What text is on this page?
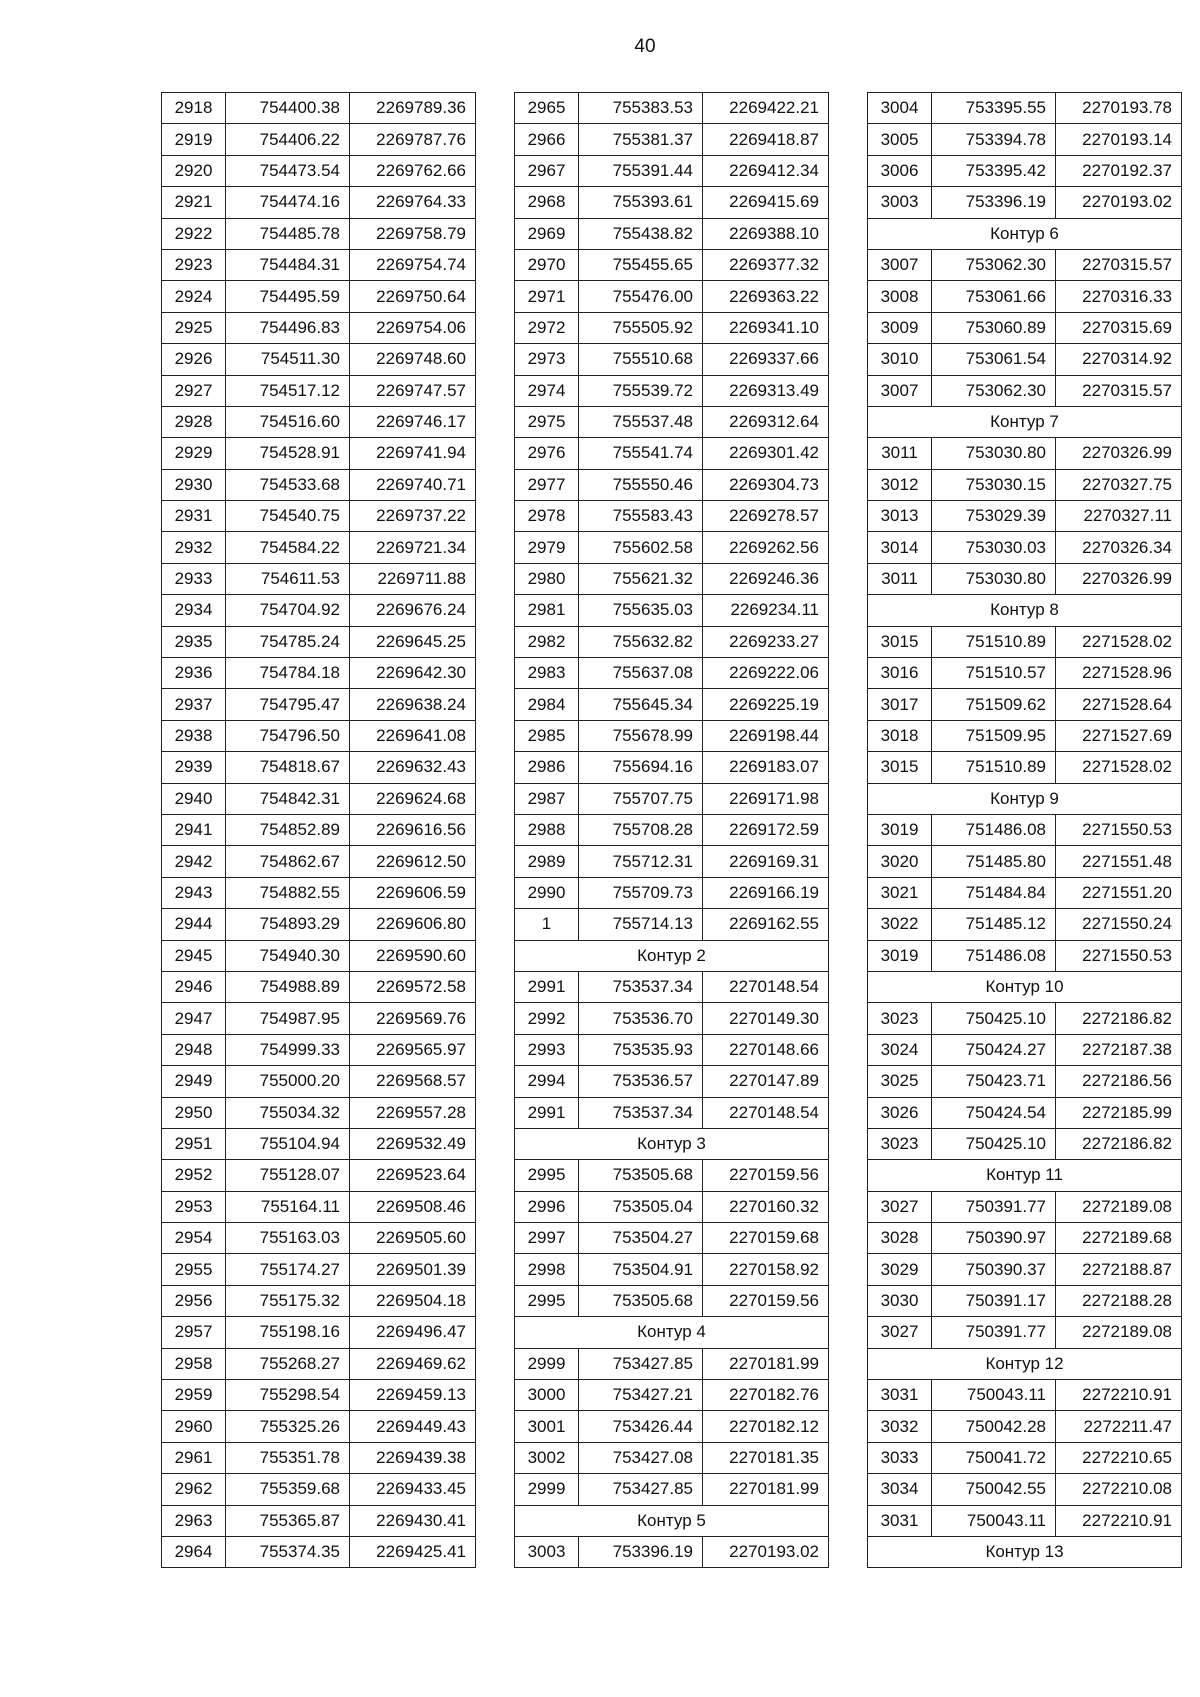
40
2918	754400.38	2269789.36
2919	754406.22	2269787.76
2920	754473.54	2269762.66
2921	754474.16	2269764.33
2922	754485.78	2269758.79
2923	754484.31	2269754.74
2924	754495.59	2269750.64
2925	754496.83	2269754.06
2926	754511.30	2269748.60
2927	754517.12	2269747.57
2928	754516.60	2269746.17
2929	754528.91	2269741.94
2930	754533.68	2269740.71
2931	754540.75	2269737.22
2932	754584.22	2269721.34
2933	754611.53	2269711.88
2934	754704.92	2269676.24
2935	754785.24	2269645.25
2936	754784.18	2269642.30
2937	754795.47	2269638.24
2938	754796.50	2269641.08
2939	754818.67	2269632.43
2940	754842.31	2269624.68
2941	754852.89	2269616.56
2942	754862.67	2269612.50
2943	754882.55	2269606.59
2944	754893.29	2269606.80
2945	754940.30	2269590.60
2946	754988.89	2269572.58
2947	754987.95	2269569.76
2948	754999.33	2269565.97
2949	755000.20	2269568.57
2950	755034.32	2269557.28
2951	755104.94	2269532.49
2952	755128.07	2269523.64
2953	755164.11	2269508.46
2954	755163.03	2269505.60
2955	755174.27	2269501.39
2956	755175.32	2269504.18
2957	755198.16	2269496.47
2958	755268.27	2269469.62
2959	755298.54	2269459.13
2960	755325.26	2269449.43
2961	755351.78	2269439.38
2962	755359.68	2269433.45
2963	755365.87	2269430.41
2964	755374.35	2269425.41
2965	755383.53	2269422.21
2966	755381.37	2269418.87
2967	755391.44	2269412.34
2968	755393.61	2269415.69
2969	755438.82	2269388.10
2970	755455.65	2269377.32
2971	755476.00	2269363.22
2972	755505.92	2269341.10
2973	755510.68	2269337.66
2974	755539.72	2269313.49
2975	755537.48	2269312.64
2976	755541.74	2269301.42
2977	755550.46	2269304.73
2978	755583.43	2269278.57
2979	755602.58	2269262.56
2980	755621.32	2269246.36
2981	755635.03	2269234.11
2982	755632.82	2269233.27
2983	755637.08	2269222.06
2984	755645.34	2269225.19
2985	755678.99	2269198.44
2986	755694.16	2269183.07
2987	755707.75	2269171.98
2988	755708.28	2269172.59
2989	755712.31	2269169.31
2990	755709.73	2269166.19
1	755714.13	2269162.55
Контур 2		
2991	753537.34	2270148.54
2992	753536.70	2270149.30
2993	753535.93	2270148.66
2994	753536.57	2270147.89
2991	753537.34	2270148.54
Контур 3		
2995	753505.68	2270159.56
2996	753505.04	2270160.32
2997	753504.27	2270159.68
2998	753504.91	2270158.92
2995	753505.68	2270159.56
Контур 4		
2999	753427.85	2270181.99
3000	753427.21	2270182.76
3001	753426.44	2270182.12
3002	753427.08	2270181.35
2999	753427.85	2270181.99
Контур 5		
3003	753396.19	2270193.02
3004	753395.55	2270193.78
3005	753394.78	2270193.14
3006	753395.42	2270192.37
3003	753396.19	2270193.02
Контур 6		
3007	753062.30	2270315.57
3008	753061.66	2270316.33
3009	753060.89	2270315.69
3010	753061.54	2270314.92
3007	753062.30	2270315.57
Контур 7		
3011	753030.80	2270326.99
3012	753030.15	2270327.75
3013	753029.39	2270327.11
3014	753030.03	2270326.34
3011	753030.80	2270326.99
Контур 8		
3015	751510.89	2271528.02
3016	751510.57	2271528.96
3017	751509.62	2271528.64
3018	751509.95	2271527.69
3015	751510.89	2271528.02
Контур 9		
3019	751486.08	2271550.53
3020	751485.80	2271551.48
3021	751484.84	2271551.20
3022	751485.12	2271550.24
3019	751486.08	2271550.53
Контур 10		
3023	750425.10	2272186.82
3024	750424.27	2272187.38
3025	750423.71	2272186.56
3026	750424.54	2272185.99
3023	750425.10	2272186.82
Контур 11		
3027	750391.77	2272189.08
3028	750390.97	2272189.68
3029	750390.37	2272188.87
3030	750391.17	2272188.28
3027	750391.77	2272189.08
Контур 12		
3031	750043.11	2272210.91
3032	750042.28	2272211.47
3033	750041.72	2272210.65
3034	750042.55	2272210.08
3031	750043.11	2272210.91
Контур 13		
